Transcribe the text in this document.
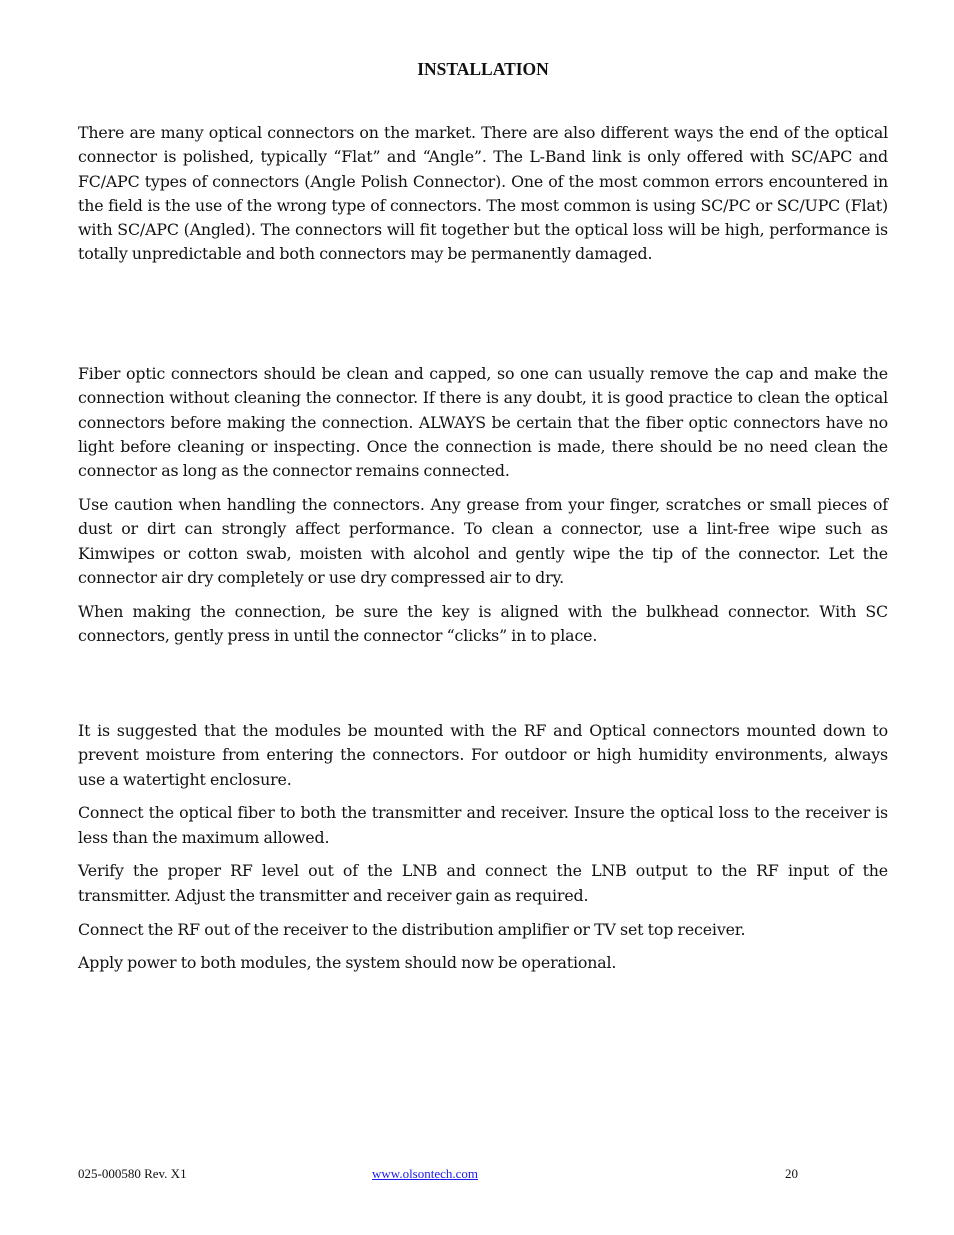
INSTALLATION

There are many optical connectors on the market. There are also different ways the end of the optical connector is polished, typically “Flat” and “Angle”. The L-Band link is only offered with SC/APC and FC/APC types of connectors (Angle Polish Connector). One of the most common errors encountered in the field is the use of the wrong type of connectors. The most common is using SC/PC or SC/UPC (Flat) with SC/APC (Angled). The connectors will fit together but the optical loss will be high, performance is totally unpredictable and both connectors may be permanently damaged.

Fiber optic connectors should be clean and capped, so one can usually remove the cap and make the connection without cleaning the connector. If there is any doubt, it is good practice to clean the optical connectors before making the connection. ALWAYS be certain that the fiber optic connectors have no light before cleaning or inspecting. Once the connection is made, there should be no need clean the connector as long as the connector remains connected.

Use caution when handling the connectors. Any grease from your finger, scratches or small pieces of dust or dirt can strongly affect performance. To clean a connector, use a lint-free wipe such as Kimwipes or cotton swab, moisten with alcohol and gently wipe the tip of the connector. Let the connector air dry completely or use dry compressed air to dry.

When making the connection, be sure the key is aligned with the bulkhead connector. With SC connectors, gently press in until the connector “clicks” in to place.

It is suggested that the modules be mounted with the RF and Optical connectors mounted down to prevent moisture from entering the connectors. For outdoor or high humidity environments, always use a watertight enclosure.

Connect the optical fiber to both the transmitter and receiver. Insure the optical loss to the receiver is less than the maximum allowed.

Verify the proper RF level out of the LNB and connect the LNB output to the RF input of the transmitter. Adjust the transmitter and receiver gain as required.

Connect the RF out of the receiver to the distribution amplifier or TV set top receiver.

Apply power to both modules, the system should now be operational.

025-000580 Rev. X1	www.olsontech.com	20
